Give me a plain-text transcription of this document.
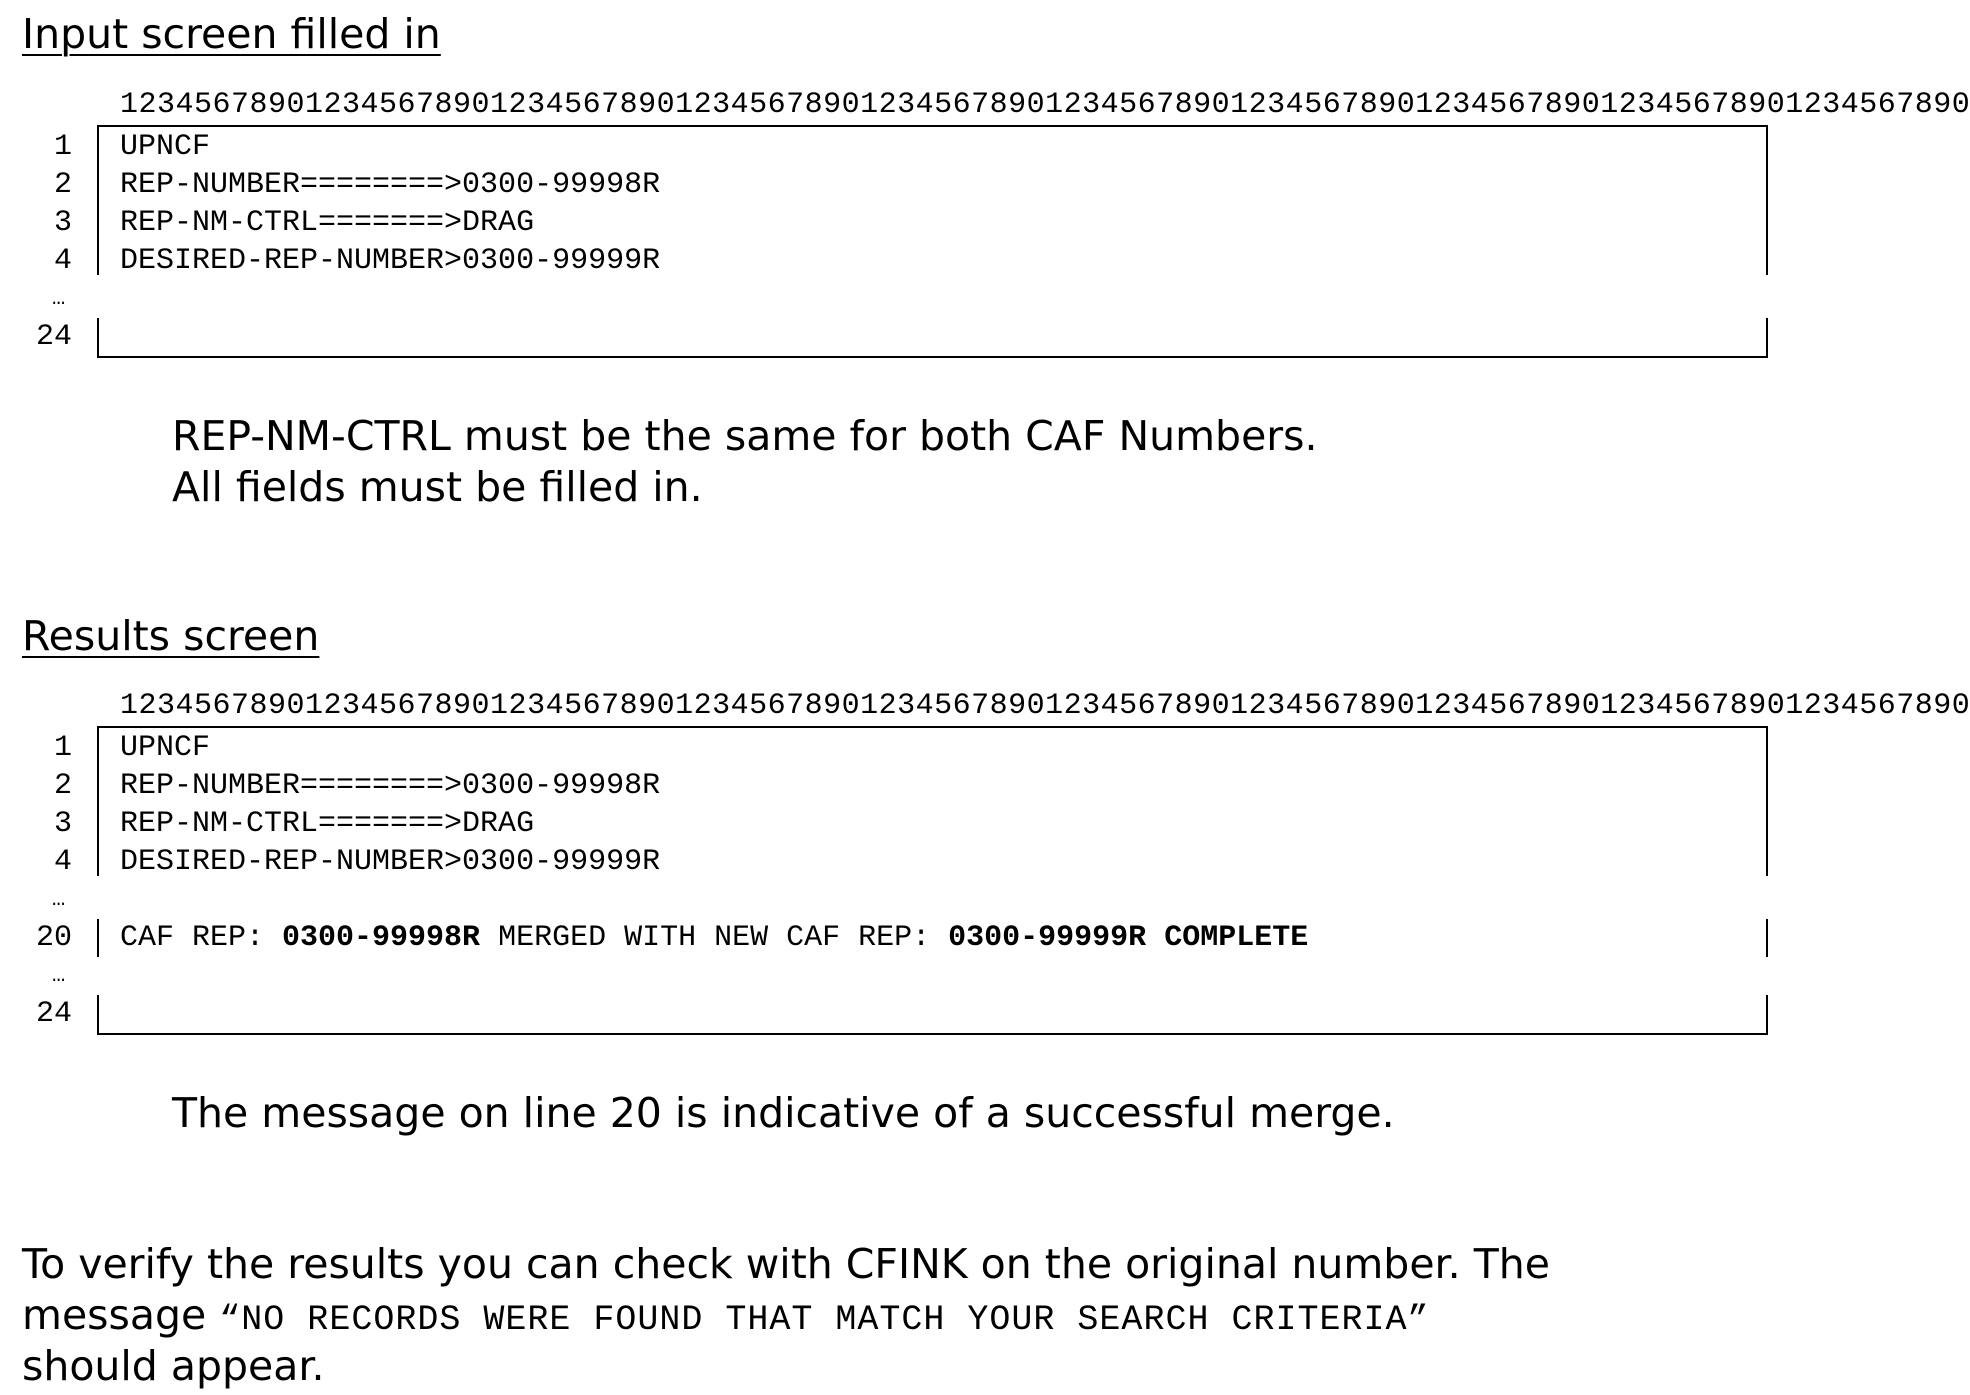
Input screen filled in
1234567890123456789012345678901234567890123456789012345678901234567890123456789012345678901234567890
1 UPNCF
2 REP-NUMBER========>0300-99998R
3 REP-NM-CTRL=======>DRAG
4 DESIRED-REP-NUMBER>0300-99999R
…
24
REP-NM-CTRL must be the same for both CAF Numbers.
All fields must be filled in.
Results screen
1234567890123456789012345678901234567890123456789012345678901234567890123456789012345678901234567890
1 UPNCF
2 REP-NUMBER========>0300-99998R
3 REP-NM-CTRL=======>DRAG
4 DESIRED-REP-NUMBER>0300-99999R
…
20 CAF REP: 0300-99998R MERGED WITH NEW CAF REP: 0300-99999R COMPLETE
…
24
The message on line 20 is indicative of a successful merge.
To verify the results you can check with CFINK on the original number. The
message “NO RECORDS WERE FOUND THAT MATCH YOUR SEARCH CRITERIA”
should appear.
